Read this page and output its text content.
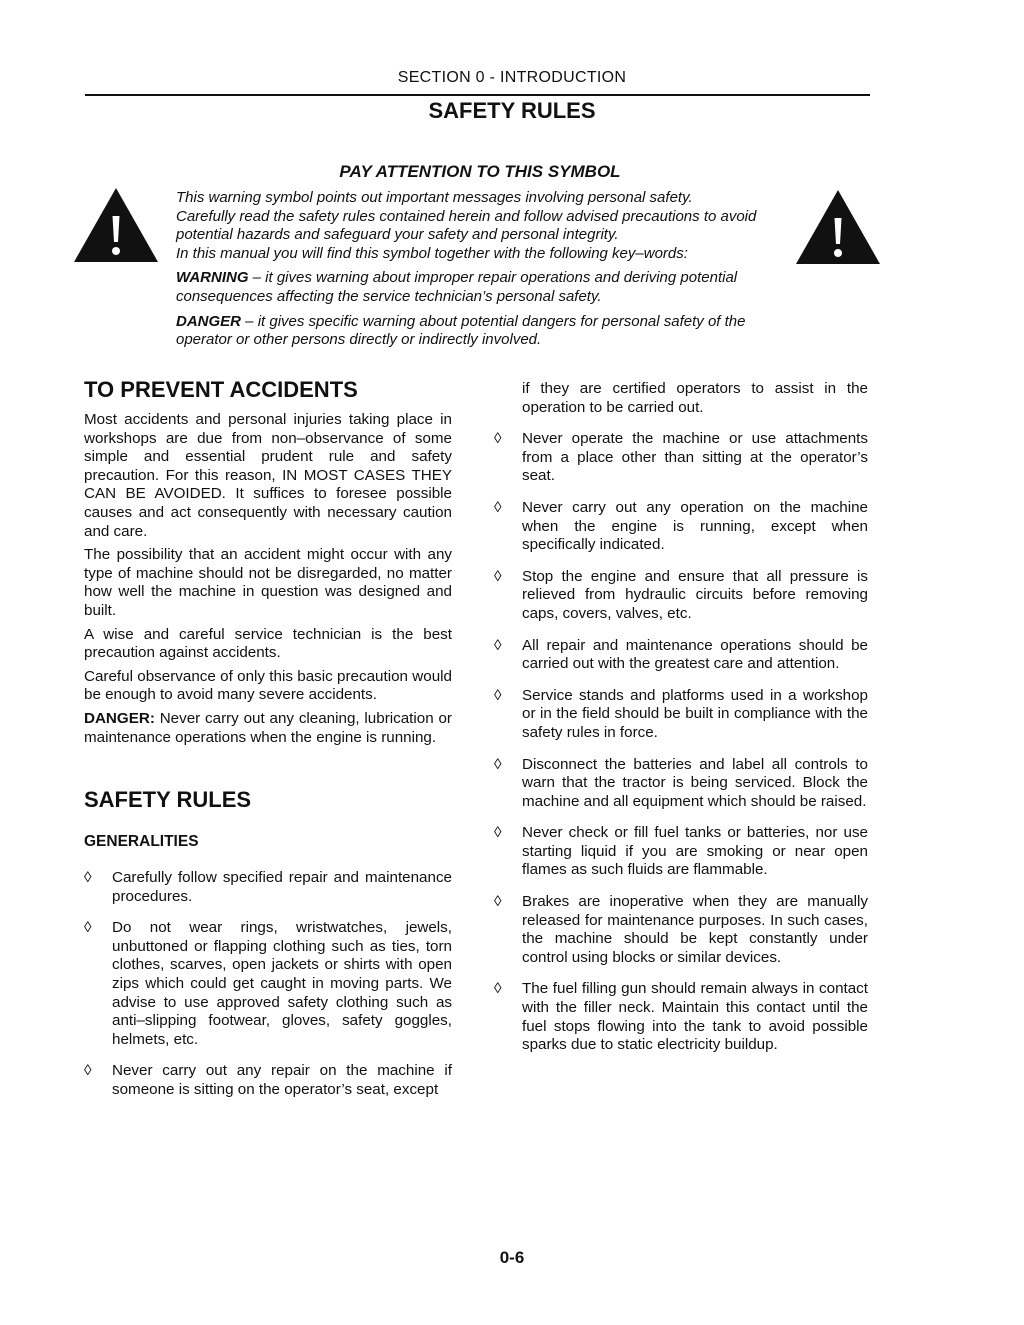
SECTION 0 - INTRODUCTION
SAFETY RULES
PAY ATTENTION TO THIS SYMBOL

This warning symbol points out important messages involving personal safety.

Carefully read the safety rules contained herein and follow advised precautions to avoid potential hazards and safeguard your safety and personal integrity.

In this manual you will find this symbol together with the following key–words:

WARNING – it gives warning about improper repair operations and deriving potential consequences affecting the service technician’s personal safety.

DANGER – it gives specific warning about potential dangers for personal safety of the operator or other persons directly or indirectly involved.

TO PREVENT ACCIDENTS

Most accidents and personal injuries taking place in workshops are due from non–observance of some simple and essential prudent rule and safety precaution. For this reason, IN MOST CASES THEY CAN BE AVOIDED. It suffices to foresee possible causes and act consequently with necessary caution and care.

The possibility that an accident might occur with any type of machine should not be disregarded, no matter how well the machine in question was designed and built.

A wise and careful service technician is the best precaution against accidents.

Careful observance of only this basic precaution would be enough to avoid many severe accidents.

DANGER: Never carry out any cleaning, lubrication or maintenance operations when the engine is running.

SAFETY RULES

GENERALITIES

◊ Carefully follow specified repair and maintenance procedures.

◊ Do not wear rings, wristwatches, jewels, unbuttoned or flapping clothing such as ties, torn clothes, scarves, open jackets or shirts with open zips which could get caught in moving parts. We advise to use approved safety clothing such as anti–slipping footwear, gloves, safety goggles, helmets, etc.

◊ Never carry out any repair on the machine if someone is sitting on the operator’s seat, except

if they are certified operators to assist in the operation to be carried out.

◊ Never operate the machine or use attachments from a place other than sitting at the operator’s seat.

◊ Never carry out any operation on the machine when the engine is running, except when specifically indicated.

◊ Stop the engine and ensure that all pressure is relieved from hydraulic circuits before removing caps, covers, valves, etc.

◊ All repair and maintenance operations should be carried out with the greatest care and attention.

◊ Service stands and platforms used in a workshop or in the field should be built in compliance with the safety rules in force.

◊ Disconnect the batteries and label all controls to warn that the tractor is being serviced. Block the machine and all equipment which should be raised.

◊ Never check or fill fuel tanks or batteries, nor use starting liquid if you are smoking or near open flames as such fluids are flammable.

◊ Brakes are inoperative when they are manually released for maintenance purposes. In such cases, the machine should be kept constantly under control using blocks or similar devices.

◊ The fuel filling gun should remain always in contact with the filler neck. Maintain this contact until the fuel stops flowing into the tank to avoid possible sparks due to static electricity buildup.

0-6
